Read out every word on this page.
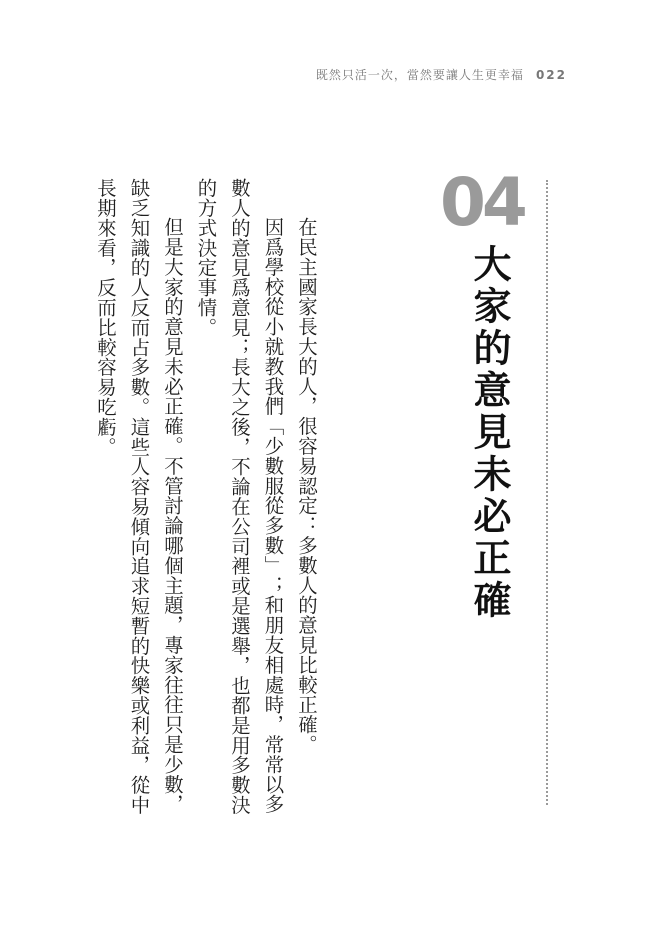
既然只活一次，當然要讓人生更幸福 022
04
大家的意見未必正確

在民主國家長大的人，很容易認定：多數人的意見比較正確。

因爲學校從小就教我們「少數服從多數」；和朋友相處時，常常以多數人的意見爲意見；長大之後，不論在公司裡或是選舉，也都是用多數決的方式決定事情。

但是大家的意見未必正確。不管討論哪個主題，專家往往只是少數，缺乏知識的人反而占多數。這些人容易傾向追求短暫的快樂或利益，從中長期來看，反而比較容易吃虧。
